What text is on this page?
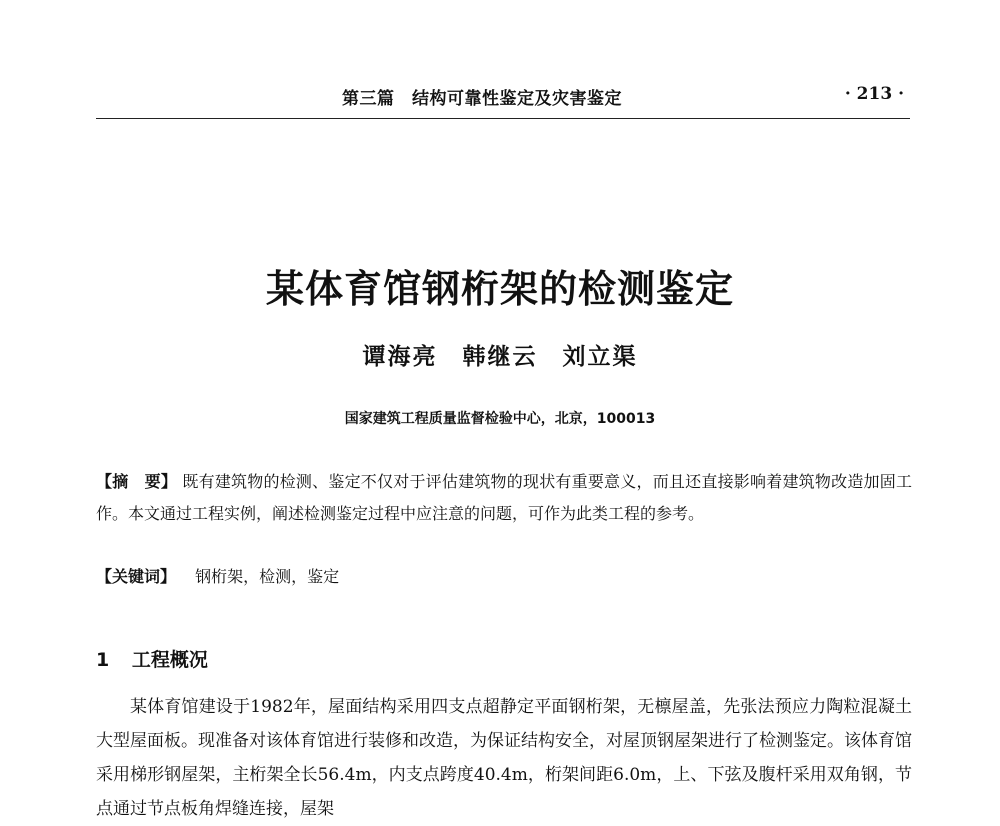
第三篇　结构可靠性鉴定及灾害鉴定	· 213 ·
某体育馆钢桁架的检测鉴定
谭海亮　韩继云　刘立渠
国家建筑工程质量监督检验中心，北京，100013
【摘　要】 既有建筑物的检测、鉴定不仅对于评估建筑物的现状有重要意义，而且还直接影响着建筑物改造加固工作。本文通过工程实例，阐述检测鉴定过程中应注意的问题，可作为此类工程的参考。
【关键词】 钢桁架，检测，鉴定
1 工程概况
某体育馆建设于1982年，屋面结构采用四支点超静定平面钢桁架，无檩屋盖，先张法预应力陶粒混凝土大型屋面板。现准备对该体育馆进行装修和改造，为保证结构安全，对屋顶钢屋架进行了检测鉴定。该体育馆采用梯形钢屋架，主桁架全长56.4m，内支点跨度40.4m，桁架间距6.0m，上、下弦及腹杆采用双角钢，节点通过节点板角焊缝连接，屋架
